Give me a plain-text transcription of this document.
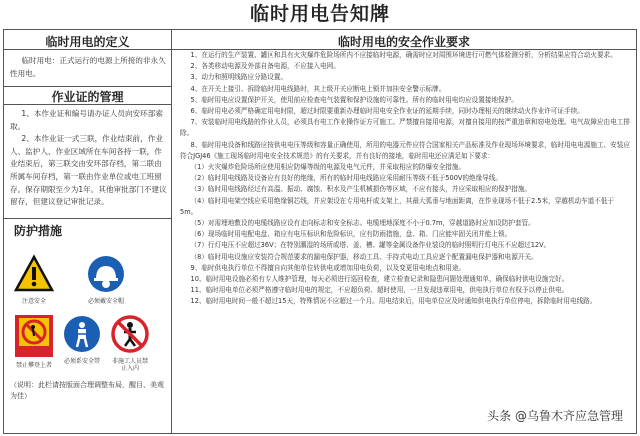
临时用电告知牌
临时用电的定义

临时用电：正式运行的电源上所接的非永久性用电。

作业证的管理

1、本作业证和编号请办证人员向安环部索取。

2、本作业证一式三联，作业结束前，作业人、监护人、作业区域所在车间各持一联，作业结束后，第三联交由安环部存档，第二联由所属车间存档，第一联由作业单位或电工班留存。保存期限至少为1年。其他审批部门不建议留存，但建议登记审批记录。

防护措施
注意安全	必须戴安全帽
禁止攀登上者
必须系安全带	非施工人员禁止入内
（说明：此栏请按版面合理调整布局，醒目、美观为佳）
临时用电的安全作业要求

1、在运行的生产装置、罐区和具有火灾爆炸危险场所内不应接临时电源，确需时应对周围环境进行可燃气体检测分析，分析结果应符合动火要求。

2、各类移动电源及外部自备电源，不应接入电网。

3、动力和照明线路应分路设置。

4、在开关上接引、拆除临时用电线路时，其上级开关应断电上锁并加挂安全警示标牌。

5、临时用电应设置保护开关，使用前应检查电气装置和保护设施的可靠性。所有的临时用电均应设置接地保护。

6、临时用电必须严格确定用电时限，超过时限要重新办理临时用电安全作业证的延期手续，同时办理相关的继续动火作业许可证手续。

7、安装临时用电线路的作业人员，必须具有电工作业操作证方可施工。严禁擅自接用电源，对擅自接用的按严重违章和窃电处理。电气故障应由电工排除。

8、临时用电设备和线路应按供电电压等级和容量正确使用，所用的电器元件应符合国家相关产品标准及作业现场环境要求，临时用电电源施工、安装应符合JGJ46《施工现场临时用电安全技术规范》的有关要求，并有良好的接地，临时用电还应满足如下要求：

（1）火灾爆炸危险场所应使用相应防爆等级的电源及电气元件，并采取相应的防爆安全措施。

（2）临时用电线路及设备应有良好的绝缘，所有的临时用电线路应采用耐压等级不低于500V的绝缘导线。

（3）临时用电线路经过有高温、振动、腐蚀、积水及产生机械损伤等区域，不应有接头，并应采取相应的保护措施。

（4）临时用电架空线应采用绝缘铜芯线，并应架设在专用电杆或支架上，其最大弧垂与地面距离，在作业现场不低于2.5米，穿越机动车道不低于5m。

（5）对需埋地敷设的电缆线路应设有走向标志和安全标志。电缆埋地深度不小于0.7m，穿越道路时应加设防护套管。

（6）现场临时用电配电盘、箱应有电压标识和危险标识，应有防雨措施，盘、箱、门应能牢固关闭并能上锁。

（7）行灯电压不应超过36V；在特别潮湿的场所或塔、釜、槽、罐等金属设备作业装设的临时照明行灯电压不应超过12V。

（8）临时用电设施应安装符合规范要求的漏电保护器，移动工具、手持式电动工具应逐个配置漏电保护器和电源开关。

9、临时供电执行单位不得擅自向其他单位转供电或增加用电负荷，以及变更用电地点和用途。

10、临时用电设施必须有专人维护管理，每天必须进行巡回检查，建立检查记录和隐患问题处理通知单，确保临时供电设施完好。

11、临时用电单位必须严格遵守临时用电的规定，不应超负荷、超时使用，一旦发现违章用电，供电执行单位有权予以停止供电。

12、临时用电时间一般不超过15天，特殊情况不应超过一个月。用电结束后，用电单位应及时通知供电执行单位停电，拆除临时用电线路。

头条 @乌鲁木齐应急管理
